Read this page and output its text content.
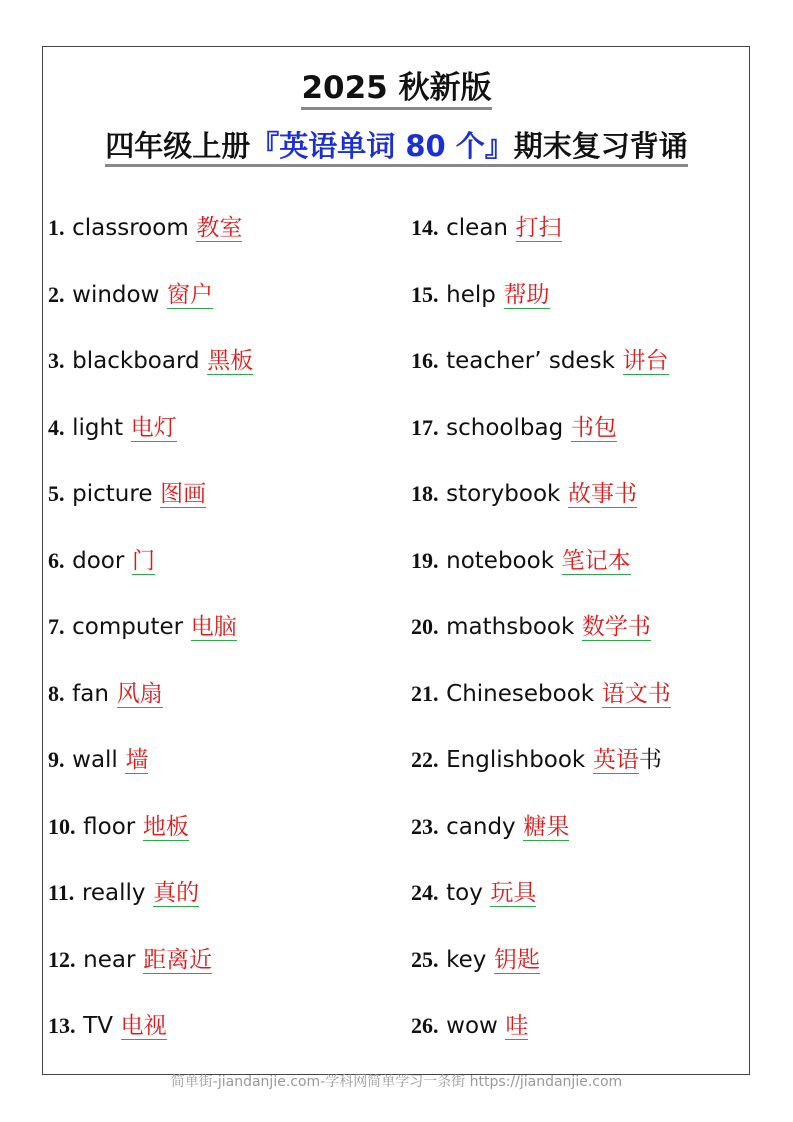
2025 秋新版
四年级上册『英语单词 80 个』期末复习背诵
1. classroom 教室
2. window 窗户
3. blackboard 黑板
4. light 电灯
5. picture 图画
6. door 门
7. computer 电脑
8. fan 风扇
9. wall 墙
10. floor 地板
11. really 真的
12. near 距离近
13. TV 电视
14. clean 打扫
15. help 帮助
16. teacher’ sdesk 讲台
17. schoolbag 书包
18. storybook 故事书
19. notebook 笔记本
20. mathsbook 数学书
21. Chinesebook 语文书
22. Englishbook 英语书
23. candy 糖果
24. toy 玩具
25. key 钥匙
26. wow 哇
简单街-jiandanjie.com-学科网简单学习一条街 https://jiandanjie.com
